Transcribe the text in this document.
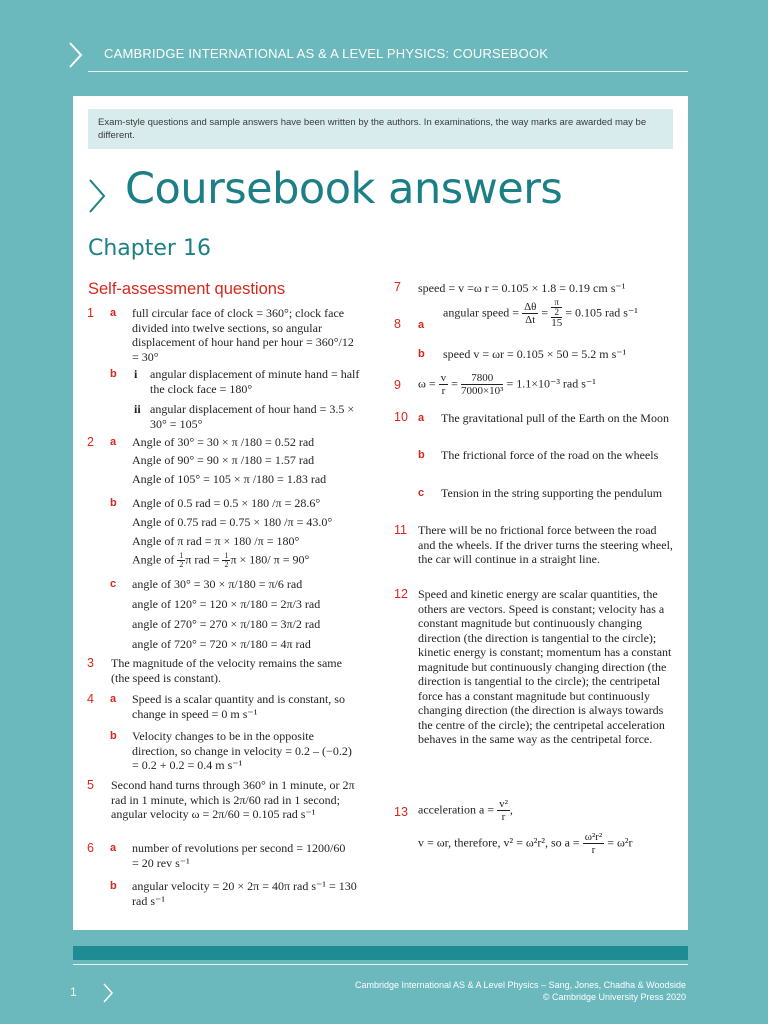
CAMBRIDGE INTERNATIONAL AS & A LEVEL PHYSICS: COURSEBOOK
Exam-style questions and sample answers have been written by the authors. In examinations, the way marks are awarded may be different.
Coursebook answers
Chapter 16
Self-assessment questions
1 a full circular face of clock = 360°; clock face divided into twelve sections, so angular displacement of hour hand per hour = 360°/12 = 30°
b i angular displacement of minute hand = half the clock face = 180°
ii angular displacement of hour hand = 3.5 × 30° = 105°
2 a Angle of 30° = 30 × π /180 = 0.52 rad
Angle of 90° = 90 × π /180 = 1.57 rad
Angle of 105° = 105 × π /180 = 1.83 rad
b Angle of 0.5 rad = 0.5 × 180 /π = 28.6°
Angle of 0.75 rad = 0.75 × 180 /π = 43.0°
Angle of π rad = π × 180 /π = 180°
Angle of $\frac{1}{2}$ π rad = $\frac{1}{2}$ π × 180/ π = 90°
c angle of 30° = 30 × π/180 = π/6 rad
angle of 120° = 120 × π/180 = 2π/3 rad
angle of 270° = 270 × π/180 = 3π/2 rad
angle of 720° = 720 × π/180 = 4π rad
3 The magnitude of the velocity remains the same (the speed is constant).
4 a Speed is a scalar quantity and is constant, so change in speed = 0 m s⁻¹
b Velocity changes to be in the opposite direction, so change in velocity = 0.2 – (−0.2) = 0.2 + 0.2 = 0.4 m s⁻¹
5 Second hand turns through 360° in 1 minute, or 2π rad in 1 minute, which is 2π/60 rad in 1 second; angular velocity ω = 2π/60 = 0.105 rad s⁻¹
6 a number of revolutions per second = 1200/60 = 20 rev s⁻¹
b angular velocity = 20 × 2π = 40π rad s⁻¹ = 130 rad s⁻¹
7 speed = v =ω r = 0.105 × 1.8 = 0.19 cm s⁻¹
8 a
angular speed = $\frac{\Delta\theta}{\Delta t} = \pi$
2
15 = 0.105 rad s⁻¹
b speed v = ωr = 0.105 × 50 = 5.2 m s⁻¹
9 $\omega = \frac{v}{r} = \frac{7800}{\text{7000×10³}} = 1.1\times 10^{-3}$ rad s⁻¹
10 a The gravitational pull of the Earth on the Moon
b The frictional force of the road on the wheels
c Tension in the string supporting the pendulum
11 There will be no frictional force between the road and the wheels. If the driver turns the steering wheel, the car will continue in a straight line.
12 Speed and kinetic energy are scalar quantities, the others are vectors. Speed is constant; velocity has a constant magnitude but continuously changing direction (the direction is tangential to the circle); kinetic energy is constant; momentum has a constant magnitude but continuously changing direction (the direction is tangential to the circle); the centripetal force has a constant magnitude but continuously changing direction (the direction is always towards the centre of the circle); the centripetal acceleration behaves in the same way as the centripetal force.
13 acceleration $a = \frac{\text{v²}}{r}$ ,
v = ωr, therefore, v² = ω²r², so $a = \frac{\text{ω²r²}}{r} = \omega^2r$
1	Cambridge International AS & A Level Physics – Sang, Jones, Chadha & Woodside
© Cambridge University Press 2020
